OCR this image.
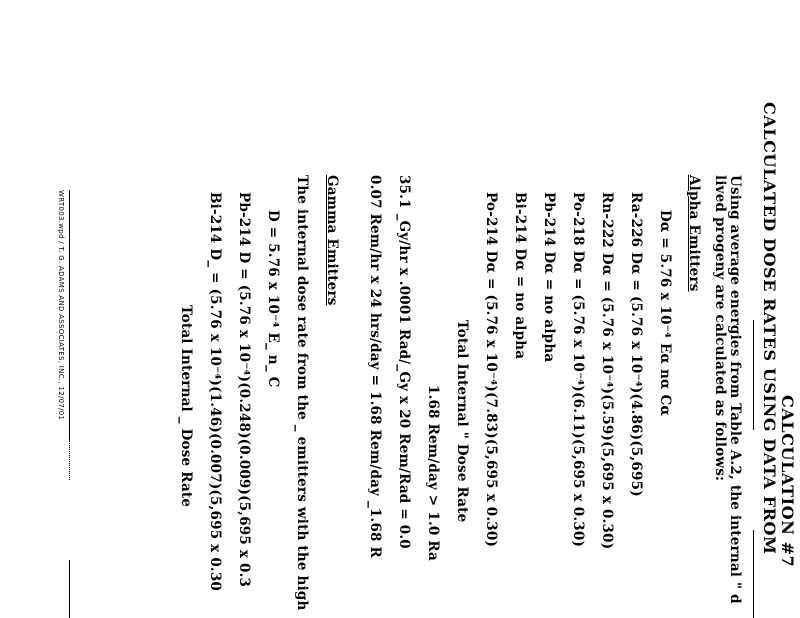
CALCULATION #7
CALCULATED DOSE RATES USING DATA FROM
Using average energies from Table A.2, the internal " d
lived progeny are calculated as follows:
Alpha Emitters
Dα = 5.76 x 10⁻⁴ Eα nα Cα
Ra-226 Dα = (5.76 x 10⁻⁴)(4.86)(5,695)
Rn-222 Dα = (5.76 x 10⁻⁴)(5.59)(5,695 x 0.30)
Po-218 Dα = (5.76 x 10⁻⁴)(6.11)(5,695 x 0.30)
Pb-214 Dα = no alpha
Bi-214 Dα = no alpha
Po-214 Dα = (5.76 x 10⁻⁴)(7.83)(5,695 x 0.30)
Total Internal " Dose Rate
1.68 Rem/day > 1.0 Ra
35.1 _Gy/hr x .0001 Rad/_Gy x 20 Rem/Rad = 0.0
0.07 Rem/hr x 24 hrs/day = 1.68 Rem/day _1.68 R
Gamma Emitters
The internal dose rate from the _ emitters with the high
D = 5.76 x 10⁻⁴ E_ n_ C
Pb-214 D = (5.76 x 10⁻⁴)(0.248)(0.009)(5,695 x 0.3
Bi-214 D_ = (5.76 x 10⁻⁴)(1.46)(0.007)(5,695 x 0.30
Total Internal _ Dose Rate
WRT003.wpd / T. G. ADAMS AND ASSOCIATES, INC., 12/07/01
